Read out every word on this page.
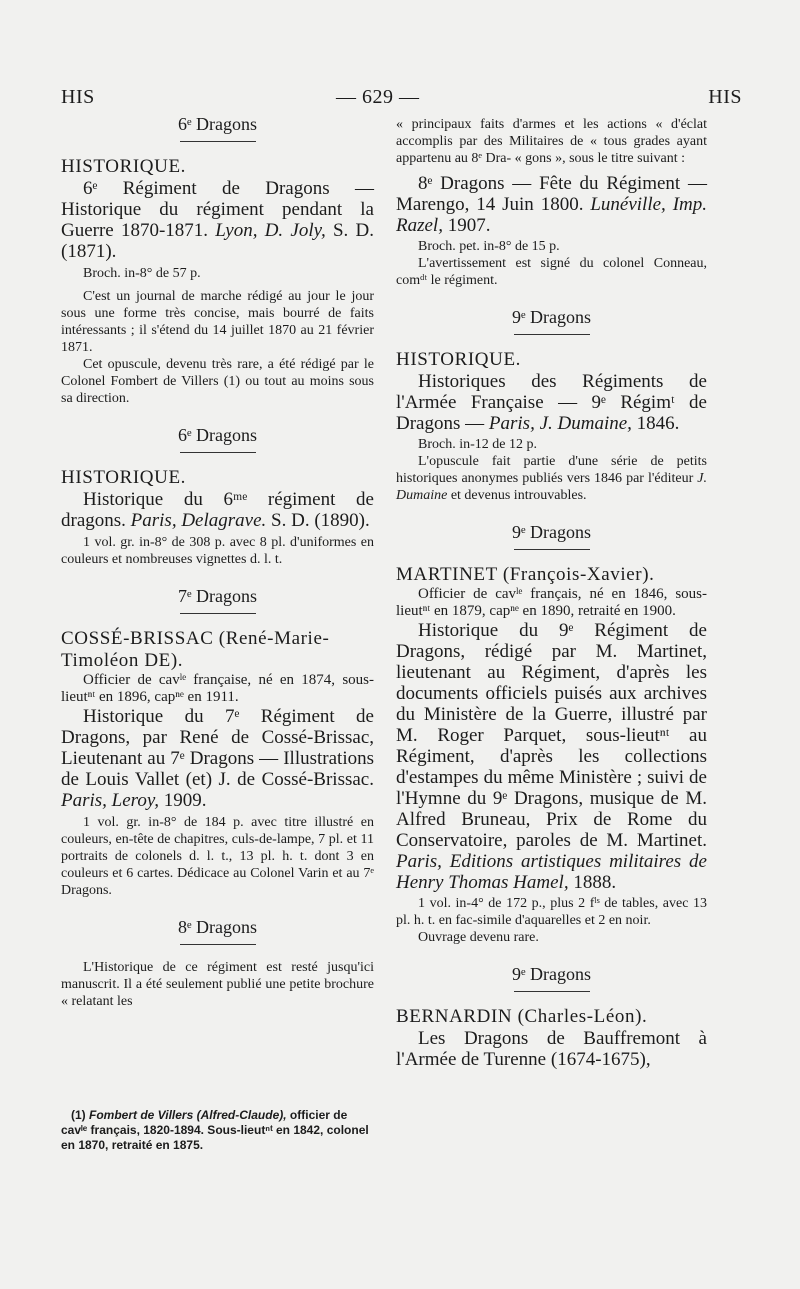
HIS	— 629 —	HIS
6ᵉ Dragons
HISTORIQUE.

6ᵉ Régiment de Dragons — Historique du régiment pendant la Guerre 1870-1871. Lyon, D. Joly, S. D. (1871).

Broch. in-8° de 57 p.

C'est un journal de marche rédigé au jour le jour sous une forme très concise, mais bourré de faits intéressants ; il s'étend du 14 juillet 1870 au 21 février 1871.

Cet opuscule, devenu très rare, a été rédigé par le Colonel Fombert de Villers (1) ou tout au moins sous sa direction.

6ᵉ Dragons
HISTORIQUE.

Historique du 6ᵐᵉ régiment de dragons. Paris, Delagrave. S. D. (1890).

1 vol. gr. in-8° de 308 p. avec 8 pl. d'uniformes en couleurs et nombreuses vignettes d. l. t.

7ᵉ Dragons
COSSÉ-BRISSAC (René-Marie-Timoléon DE).

Officier de cavˡᵉ française, né en 1874, sous-lieutⁿᵗ en 1896, capⁿᵉ en 1911.

Historique du 7ᵉ Régiment de Dragons, par René de Cossé-Brissac, Lieutenant au 7ᵉ Dragons — Illustrations de Louis Vallet (et) J. de Cossé-Brissac. Paris, Leroy, 1909.

1 vol. gr. in-8° de 184 p. avec titre illustré en couleurs, en-tête de chapitres, culs-de-lampe, 7 pl. et 11 portraits de colonels d. l. t., 13 pl. h. t. dont 3 en couleurs et 6 cartes. Dédicace au Colonel Varin et au 7ᵉ Dragons.

8ᵉ Dragons

L'Historique de ce régiment est resté jusqu'ici manuscrit. Il a été seulement publié une petite brochure « relatant les

(1) Fombert de Villers (Alfred-Claude), officier de cavˡᵉ français, 1820-1894. Sous-lieutⁿᵗ en 1842, colonel en 1870, retraité en 1875.

« principaux faits d'armes et les actions « d'éclat accomplis par des Militaires de « tous grades ayant appartenu au 8ᵉ Dra- « gons », sous le titre suivant :

8ᵉ Dragons — Fête du Régiment — Marengo, 14 Juin 1800. Lunéville, Imp. Razel, 1907.

Broch. pet. in-8° de 15 p.

L'avertissement est signé du colonel Conneau, comᵈᵗ le régiment.

9ᵉ Dragons
HISTORIQUE.

Historiques des Régiments de l'Armée Française — 9ᵉ Régimᵗ de Dragons — Paris, J. Dumaine, 1846.

Broch. in-12 de 12 p.

L'opuscule fait partie d'une série de petits historiques anonymes publiés vers 1846 par l'éditeur J. Dumaine et devenus introuvables.

9ᵉ Dragons
MARTINET (François-Xavier).

Officier de cavˡᵉ français, né en 1846, sous-lieutⁿᵗ en 1879, capⁿᵉ en 1890, retraité en 1900.

Historique du 9ᵉ Régiment de Dragons, rédigé par M. Martinet, lieutenant au Régiment, d'après les documents officiels puisés aux archives du Ministère de la Guerre, illustré par M. Roger Parquet, sous-lieutⁿᵗ au Régiment, d'après les collections d'estampes du même Ministère ; suivi de l'Hymne du 9ᵉ Dragons, musique de M. Alfred Bruneau, Prix de Rome du Conservatoire, paroles de M. Martinet. Paris, Editions artistiques militaires de Henry Thomas Hamel, 1888.

1 vol. in-4° de 172 p., plus 2 fˡˢ de tables, avec 13 pl. h. t. en fac-simile d'aquarelles et 2 en noir.

Ouvrage devenu rare.

9ᵉ Dragons
BERNARDIN (Charles-Léon).

Les Dragons de Bauffremont à l'Armée de Turenne (1674-1675),
